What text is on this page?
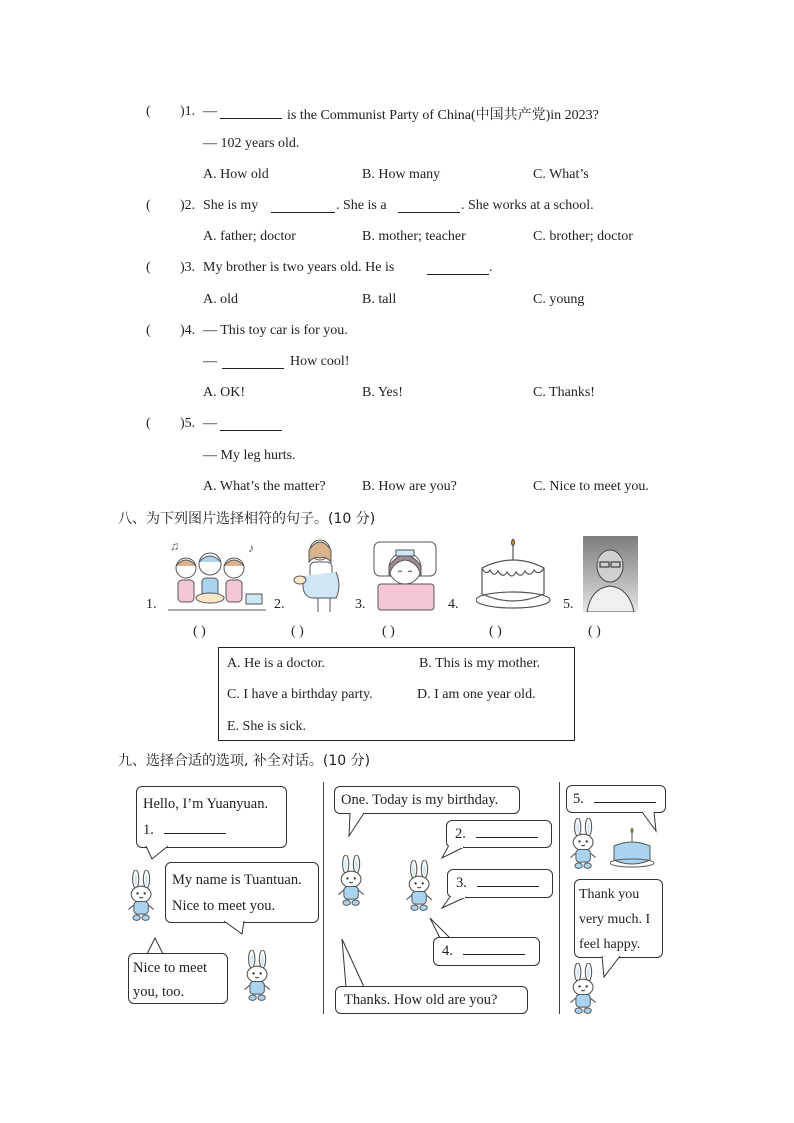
( )1. —	is the Communist Party of China(中国共产党)in 2023?
— 102 years old.
A. How old	B. How many	C. What’s
( )2. She is my	. She is a	. She works at a school.
A. father; doctor	B. mother; teacher	C. brother; doctor
( )3. My brother is two years old. He is	.
A. old	B. tall	C. young
( )4. — This toy car is for you.
—	How cool!
A. OK!	B. Yes!	C. Thanks!
( )5. —
— My leg hurts.
A. What’s the matter?	B. How are you?	C. Nice to meet you.
八、为下列图片选择相符的句子。(10 分)
♫	♪
1.	2.	3.	4.	5.
( )	( )	( )	( )	( )
A. He is a doctor.	B. This is my mother.
C. I have a birthday party.	D. I am one year old.
E. She is sick.
九、选择合适的选项, 补全对话。(10 分)
Hello, I’m Yuanyuan.
1.
My name is Tuantuan.
Nice to meet you.
Nice to meet
you, too.
One. Today is my birthday.
2.
3.
4.
Thanks. How old are you?
5.
Thank you
very much. I
feel happy.
